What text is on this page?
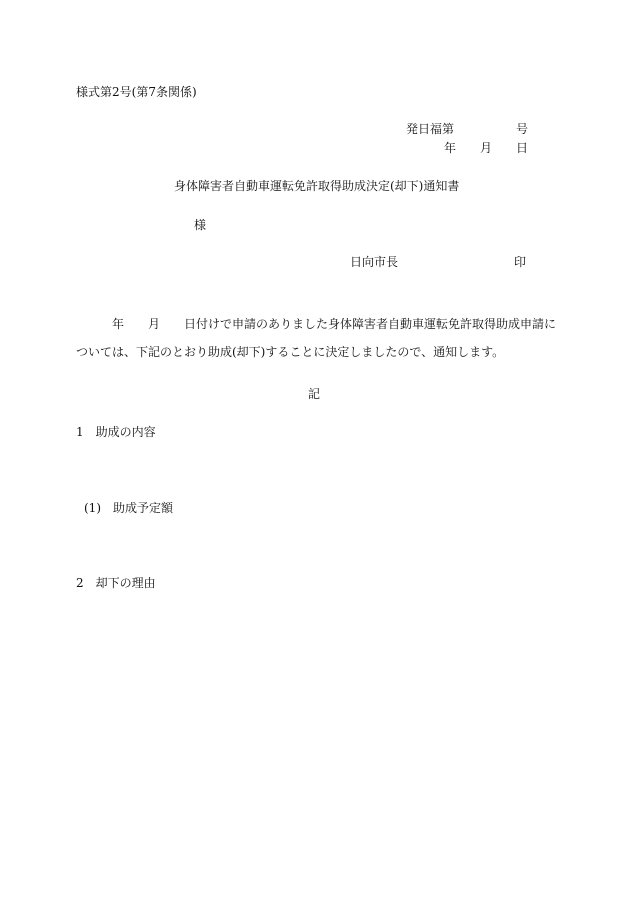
様式第2号(第7条関係)
発日福第	号
年 月 日
身体障害者自動車運転免許取得助成決定(却下)通知書
様
日向市長	印
年 月 日付けで申請のありました身体障害者自動車運転免許取得助成申請に
ついては、下記のとおり助成(却下)することに決定しましたので、通知します。
記
1　助成の内容
(1)　助成予定額
2　却下の理由
